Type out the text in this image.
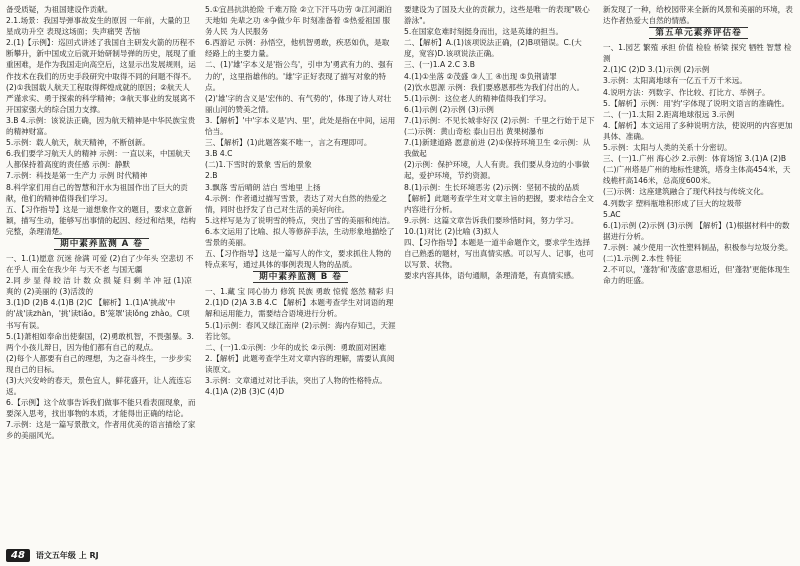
备受质疑，为祖国建设作贡献。

2.1.场景：我国导弹事故发生的原因 一年前，大量的卫星成功升空 表现这场面；失声痛哭 苦恼

2.(1)【示例】：巡回式讲述了我国自主研发火箭的历程不断攀升，新中国成立后就开始研制导弹的历史，展现了重重困难，是作为我国走向高空后，这显示出发展规则，运作技术在我们的历史手段研究中取得不同的问题不得不。

(2)①我国载人航天工程取得辉煌成就的原因；②航天人严谨求实、勇于探索的科学精神；③航天事业的发展离不开国家强大的综合国力支撑。

3.B 4.示例：该说法正确，因为航天精神是中华民族宝贵的精神财富。

5.示例：载人航天，航天精神，不断创新。

6.我们要学习航天人的精神 示例：一直以来，中国航天人都保持着高度的责任感 示例：静默

7.示例：科技是第一生产力 示例 时代精神

8.科学家们用自己的智慧和汗水为祖国作出了巨大的贡献，他们的精神值得我们学习。

五、【习作指导】这是一道想象作文的题目，要求立意新颖，描写生动，能够写出事情的起因、经过和结果，结构完整，条理清楚。

期中素养监测 A 卷

一、1.(1)愿意 沉迷 徐满 可爱 (2)自了少年头 空悲切 不在乎人 而全在我少年 与天不老 与国无疆

2.同 步 显 得 皎 洁 计 数 众 损 疑 归 剩 羊 冲 冠 (1)凉爽的 (2)美丽的 (3)活泼的

3.(1)D (2)B 4.(1)B (2)C 【解析】1.(1)A'挑战'中的'战'读zhàn，'挑'读tiǎo。B'笼罩'读lǒng zhào。C项书写有误。

5.(1)萧相如奉命出使秦国，(2)勇敢机智，不畏强暴。3.两个小孩儿辩日，因为他们都有自己的观点。

(2)每个人都要有自己的理想，为之奋斗终生，一步步实现自己的目标。

(3)大兴安岭的春天，景色宜人，鲜花盛开，让人流连忘返。

6.【示例】这个故事告诉我们做事不能只看表面现象，而要深入思考，找出事物的本质，才能得出正确的结论。

7.示例：这是一篇写景散文，作者用优美的语言描绘了家乡的美丽风光。

5.①宜昌抗洪抢险 千难万险 ②立下汗马功劳 ③江河湖泊 天地如 先辈之功 ④争做少年 时刻准备着 ⑤热爱祖国 服务人民 为人民服务

6.西游记 示例：孙悟空，他机智勇敢，疾恶如仇，是取经路上的主要力量。

二、(1)'雄'字本义是'指公鸟'，引申为'勇武有力的、强有力的'，这里指雄伟的。'雄'字正好表现了描写对象的特点。

(2)'雄'字的含义是'宏伟的、有气势的'，体现了诗人对壮丽山河的赞美之情。

3.【解析】'中'字本义是'内、里'，此处是指在中间，运用恰当。

三、【解析】(1)此题答案不唯一，言之有理即可。

3.B 4.C

(二)1.下雪时的景象 雪后的景象

2.B

3.飘落 雪后晴朗 洁白 雪地里 上扬

4.示例：作者通过描写雪景，表达了对大自然的热爱之情，同时也抒发了自己对生活的美好向往。

5.这样写是为了说明雪的特点，突出了雪的美丽和纯洁。

6.本文运用了比喻、拟人等修辞手法，生动形象地描绘了雪景的美丽。

五、【习作指导】这是一篇写人的作文，要求抓住人物的特点来写，通过具体的事例表现人物的品质。

期中素养监测 B 卷

一、1.藏 宝 同心协力 修筑 民族 勇敢 惊慌 悠然 精彩 归

2.(1)D (2)A 3.B 4.C 【解析】本题考查学生对词语的理解和运用能力，需要结合语境进行分析。

5.(1)示例：春风又绿江南岸 (2)示例：海内存知己，天涯若比邻。

二、(一)1.①示例：少年的成长 ②示例：勇敢面对困难

2.【解析】此题考查学生对文章内容的理解，需要认真阅读原文。

3.示例：文章通过对比手法，突出了人物的性格特点。

4.(1)A (2)B (3)C (4)D

要建设为了国及大业的贡献力，这些是唯一的表现"吸心游泳"。

5.在国家危难时刻挺身而出，这是英雄的担当。

二、【解析】A.(1)该项说法正确，(2)B项错误。C.(大度，宽容)D.该项说法正确。

三、(一)1.A 2.C 3.B

4.(1)①坐落 ②茂盛 ③人工 ④出现 ⑤负荆请罪

(2)饮水思源 示例：我们要感恩那些为我们付出的人。

5.(1)示例：这位老人的精神值得我们学习。

6.(1)示例 (2)示例 (3)示例

7.(1)示例：不见长城非好汉 (2)示例：千里之行始于足下

(二)示例：黄山奇松 泰山日出 黄果树瀑布

7.(1)新建道路 愿意前进 (2)①保持环境卫生 ②示例：从我做起

(2)示例：保护环境，人人有责。我们要从身边的小事做起，爱护环境，节约资源。

8.(1)示例：生长环境恶劣 (2)示例：坚韧不拔的品质

【解析】此题考查学生对文章主旨的把握，要求结合全文内容进行分析。

9.示例：这篇文章告诉我们要珍惜时间，努力学习。

10.(1)对比 (2)比喻 (3)拟人

四、【习作指导】本题是一道半命题作文，要求学生选择自己熟悉的题材，写出真情实感。可以写人、记事，也可以写景、状物。

要求内容具体，语句通顺，条理清楚，有真情实感。

新发现了一种，给校园带来全新的风景和美丽的环境，表达作者热爱大自然的情感。

第五单元素养评估卷

一、1.园艺 繁殖 承担 价值 检验 桥梁 探究 牺牲 智慧 检测

2.(1)C (2)D 3.(1)示例 (2)示例

3.示例：太阳离地球有一亿五千万千米远。

4.说明方法：列数字、作比较、打比方、举例子。

5.【解析】示例：用'约'字体现了说明文语言的准确性。

二、(一)1.太阳 2.距离地球很远 3.示例

4.【解析】本文运用了多种说明方法，使说明的内容更加具体、准确。

5.示例：太阳与人类的关系十分密切。

三、(一)1.广州 海心沙 2.示例：体育场馆 3.(1)A (2)B

(二)广州塔是广州的地标性建筑，塔身主体高454米，天线桅杆高146米，总高度600米。

(三)示例：这座建筑融合了现代科技与传统文化。

4.列数字 塑料瓶堆积形成了巨大的垃圾带

5.AC

6.(1)示例 (2)示例 (3)示例 【解析】(1)根据材料中的数据进行分析。

7.示例：减少使用一次性塑料制品，积极参与垃圾分类。

(二)1.示例 2.本性 特征

2.不可以，'蓬勃'和'茂盛'意思相近，但'蓬勃'更能体现生命力的旺盛。

48	语文五年级 上 RJ
